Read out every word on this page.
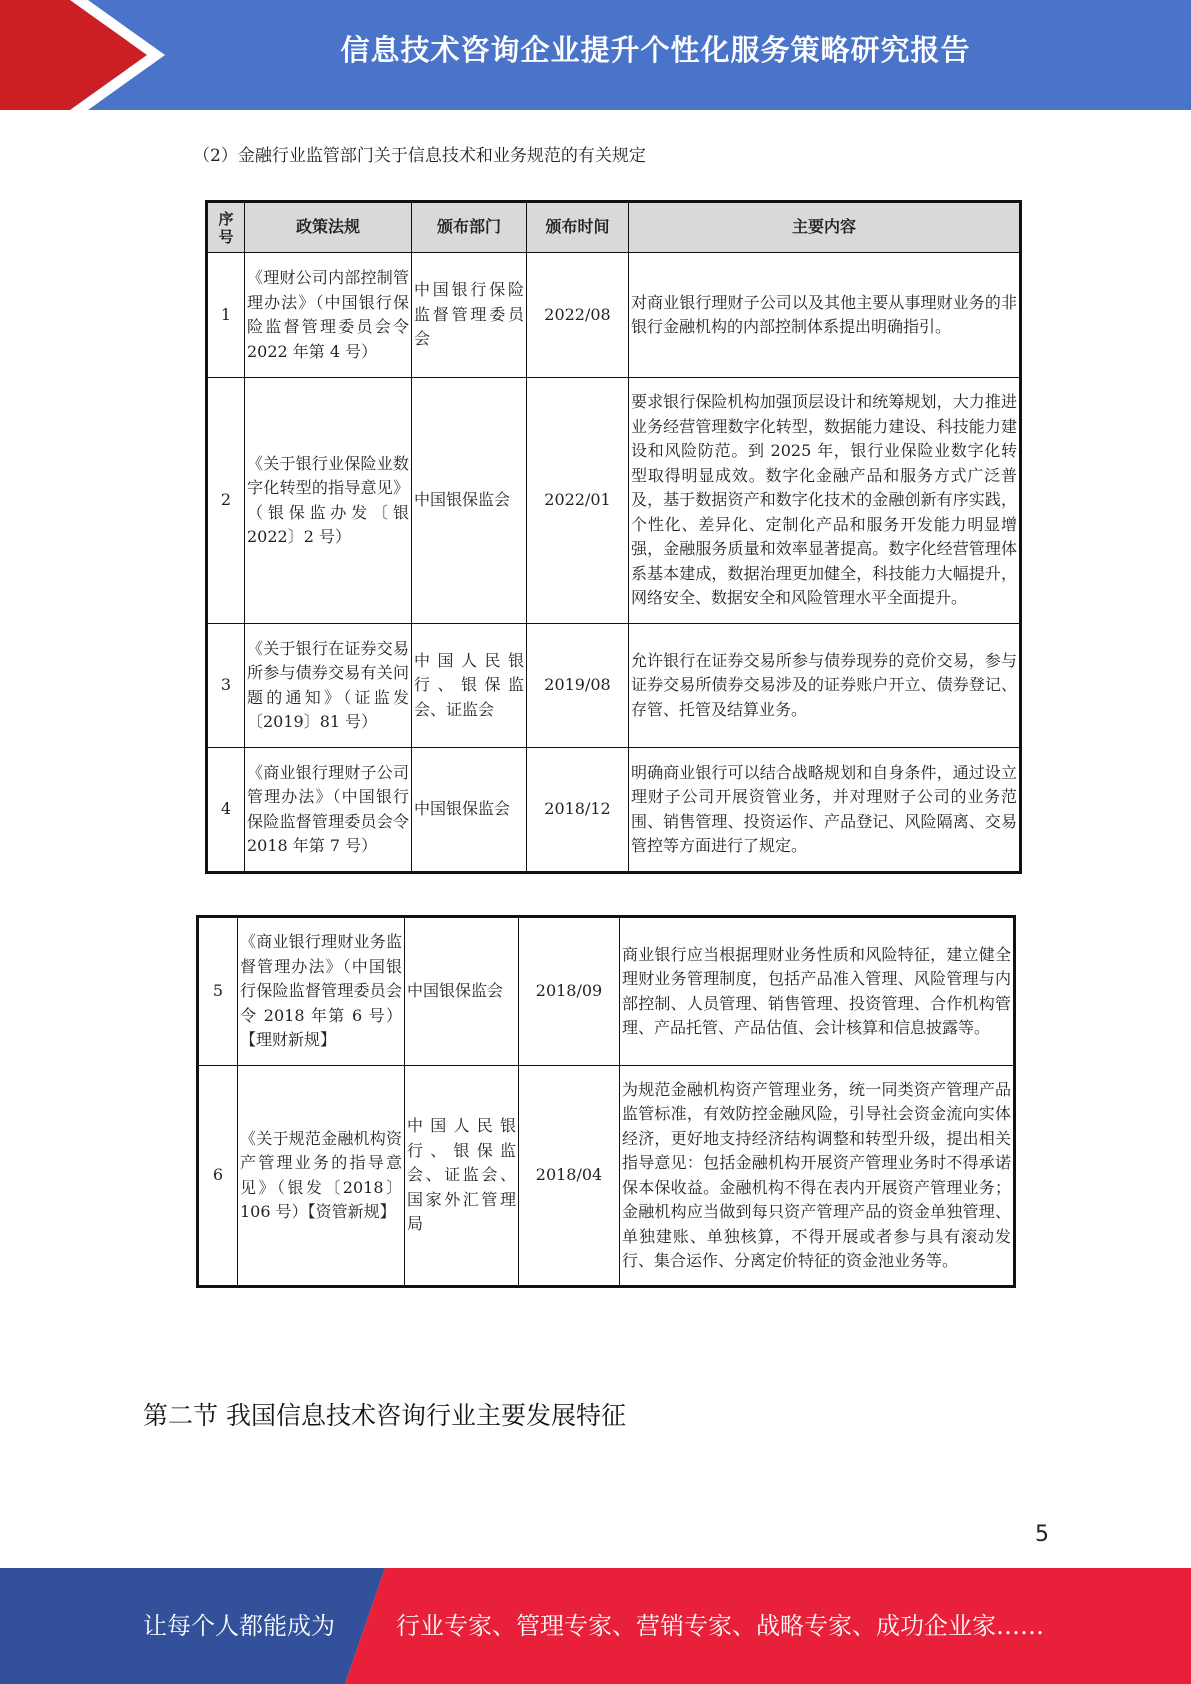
信息技术咨询企业提升个性化服务策略研究报告
（2）金融行业监管部门关于信息技术和业务规范的有关规定
序号	政策法规	颁布部门	颁布时间	主要内容
1	《理财公司内部控制管理办法》（中国银行保险监督管理委员会令 2022 年第 4 号）	中国银行保险监督管理委员会	2022/08	对商业银行理财子公司以及其他主要从事理财业务的非银行金融机构的内部控制体系提出明确指引。
2	《关于银行业保险业数字化转型的指导意见》（银保监办发〔银 2022〕2 号）	中国银保监会	2022/01	要求银行保险机构加强顶层设计和统筹规划，大力推进业务经营管理数字化转型，数据能力建设、科技能力建设和风险防范。到 2025 年，银行业保险业数字化转型取得明显成效。数字化金融产品和服务方式广泛普及，基于数据资产和数字化技术的金融创新有序实践，个性化、差异化、定制化产品和服务开发能力明显增强，金融服务质量和效率显著提高。数字化经营管理体系基本建成，数据治理更加健全，科技能力大幅提升，网络安全、数据安全和风险管理水平全面提升。
3	《关于银行在证券交易所参与债券交易有关问题的通知》（证监发〔2019〕81 号）	中国人民银行、银保监会、证监会	2019/08	允许银行在证券交易所参与债券现券的竞价交易，参与证券交易所债券交易涉及的证券账户开立、债券登记、存管、托管及结算业务。
4	《商业银行理财子公司管理办法》（中国银行保险监督管理委员会令 2018 年第 7 号）	中国银保监会	2018/12	明确商业银行可以结合战略规划和自身条件，通过设立理财子公司开展资管业务，并对理财子公司的业务范围、销售管理、投资运作、产品登记、风险隔离、交易管控等方面进行了规定。
5	《商业银行理财业务监督管理办法》（中国银行保险监督管理委员会令 2018 年第 6 号）【理财新规】	中国银保监会	2018/09	商业银行应当根据理财业务性质和风险特征，建立健全理财业务管理制度，包括产品准入管理、风险管理与内部控制、人员管理、销售管理、投资管理、合作机构管理、产品托管、产品估值、会计核算和信息披露等。
6	《关于规范金融机构资产管理业务的指导意见》（银发〔2018〕106 号）【资管新规】	中国人民银行、银保监会、证监会、国家外汇管理局	2018/04	为规范金融机构资产管理业务，统一同类资产管理产品监管标准，有效防控金融风险，引导社会资金流向实体经济，更好地支持经济结构调整和转型升级，提出相关指导意见：包括金融机构开展资产管理业务时不得承诺保本保收益。金融机构不得在表内开展资产管理业务；金融机构应当做到每只资产管理产品的资金单独管理、单独建账、单独核算，不得开展或者参与具有滚动发行、集合运作、分离定价特征的资金池业务等。
第二节 我国信息技术咨询行业主要发展特征
5
让每个人都能成为	行业专家、管理专家、营销专家、战略专家、成功企业家……
